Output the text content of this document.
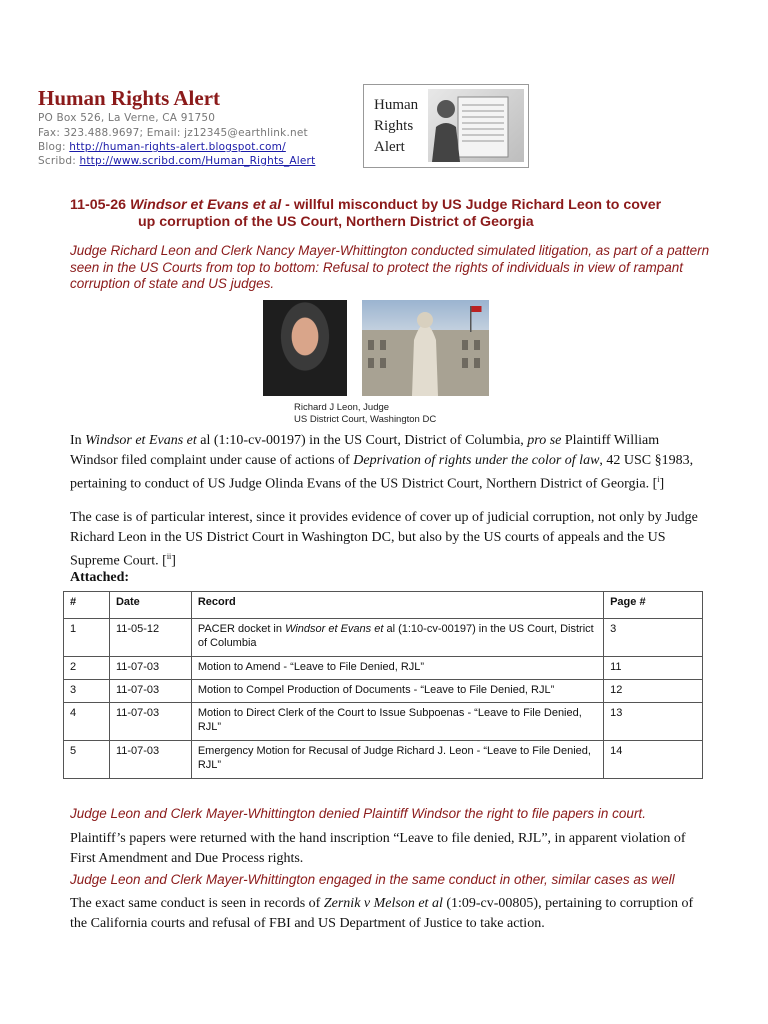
Human Rights Alert
PO Box 526, La Verne, CA 91750
Fax: 323.488.9697; Email: jz12345@earthlink.net
Blog: http://human-rights-alert.blogspot.com/
Scribd: http://www.scribd.com/Human_Rights_Alert
Human
Rights
Alert
11-05-26 Windsor et Evans et al - willful misconduct by US Judge Richard Leon to cover
up corruption of the US Court, Northern District of Georgia
Judge Richard Leon and Clerk Nancy Mayer-Whittington conducted simulated litigation, as part of a pattern seen in the US Courts from top to bottom: Refusal to protect the rights of individuals in view of rampant corruption of state and US judges.
Richard J Leon, Judge
US District Court, Washington DC
In Windsor et Evans et al (1:10-cv-00197) in the US Court, District of Columbia, pro se Plaintiff William Windsor filed complaint under cause of actions of Deprivation of rights under the color of law, 42 USC §1983, pertaining to conduct of US Judge Olinda Evans of the US District Court, Northern District of Georgia. [$^i$]
The case is of particular interest, since it provides evidence of cover up of judicial corruption, not only by Judge Richard Leon in the US District Court in Washington DC, but also by the US courts of appeals and the US Supreme Court. [$^{ii}$]
Attached:
#	Date	Record	Page #
1	11-05-12	PACER docket in Windsor et Evans et al (1:10-cv-00197) in the US Court, District of Columbia	3
2	11-07-03	Motion to Amend - “Leave to File Denied, RJL”	11
3	11-07-03	Motion to Compel Production of Documents - “Leave to File Denied, RJL”	12
4	11-07-03	Motion to Direct Clerk of the Court to Issue Subpoenas - “Leave to File Denied, RJL”	13
5	11-07-03	Emergency Motion for Recusal of Judge Richard J. Leon - “Leave to File Denied, RJL”	14
Judge Leon and Clerk Mayer-Whittington denied Plaintiff Windsor the right to file papers in court.
Plaintiff’s papers were returned with the hand inscription “Leave to file denied, RJL”, in apparent violation of First Amendment and Due Process rights.
Judge Leon and Clerk Mayer-Whittington engaged in the same conduct in other, similar cases as well
The exact same conduct is seen in records of Zernik v Melson et al (1:09-cv-00805), pertaining to corruption of the California courts and refusal of FBI and US Department of Justice to take action.
